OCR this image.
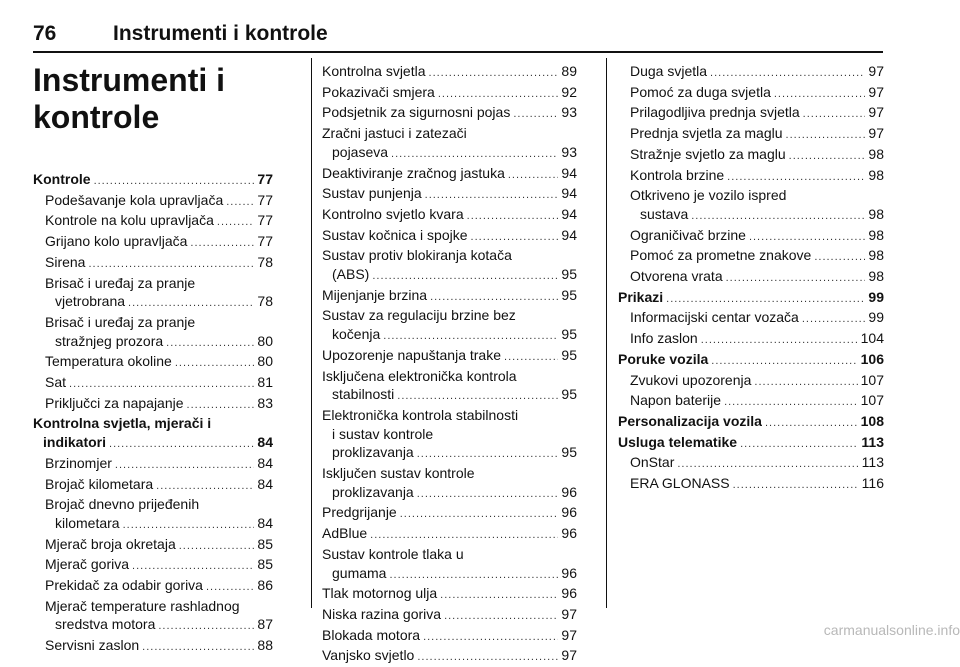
76	Instrumenti i kontrole
Instrumenti i
kontrole
Kontrole .....	77
Podešavanje kola upravljača ..... 77
Kontrole na kolu upravljača .....	77
Grijano kolo upravljača .....	77
Sirena .....	78
Brisač i uređaj za pranje
vjetrobrana .....	78
Brisač i uređaj za pranje
stražnjeg prozora .....	80
Temperatura okoline .....	80
Sat .....	81
Priključci za napajanje .....	83
Kontrolna svjetla, mjerači i
indikatori .....	84
Brzinomjer .....	84
Brojač kilometara .....	84
Brojač dnevno prijeđenih
kilometara .....	84
Mjerač broja okretaja .....	85
Mjerač goriva .....	85
Prekidač za odabir goriva .....	86
Mjerač temperature rashladnog
sredstva motora .....	87
Servisni zaslon .....	88
Kontrolna svjetla .....	89
Pokazivači smjera .....	92
Podsjetnik za sigurnosni pojas .....	93
Zračni jastuci i zatezači
pojaseva .....	93
Deaktiviranje zračnog jastuka .....	94
Sustav punjenja .....	94
Kontrolno svjetlo kvara .....	94
Sustav kočnica i spojke .....	94
Sustav protiv blokiranja kotača
(ABS) .....	95
Mijenjanje brzina .....	95
Sustav za regulaciju brzine bez
kočenja .....	95
Upozorenje napuštanja trake .....	95
Isključena elektronička kontrola
stabilnosti .....	95
Elektronička kontrola stabilnosti
i sustav kontrole
proklizavanja .....	95
Isključen sustav kontrole
proklizavanja .....	96
Predgrijanje .....	96
AdBlue .....	96
Sustav kontrole tlaka u
gumama .....	96
Tlak motornog ulja .....	96
Niska razina goriva .....	97
Blokada motora .....	97
Vanjsko svjetlo .....	97
Duga svjetla .....	97
Pomoć za duga svjetla .....	97
Prilagodljiva prednja svjetla .....	97
Prednja svjetla za maglu .....	97
Stražnje svjetlo za maglu .....	98
Kontrola brzine .....	98
Otkriveno je vozilo ispred
sustava .....	98
Ograničivač brzine .....	98
Pomoć za prometne znakove .....	98
Otvorena vrata .....	98
Prikazi .....	99
Informacijski centar vozača .....	99
Info zaslon .....	104
Poruke vozila .....	106
Zvukovi upozorenja .....	107
Napon baterije .....	107
Personalizacija vozila .....	108
Usluga telematike .....	113
OnStar .....	113
ERA GLONASS .....	116
carmanualsonline.info
